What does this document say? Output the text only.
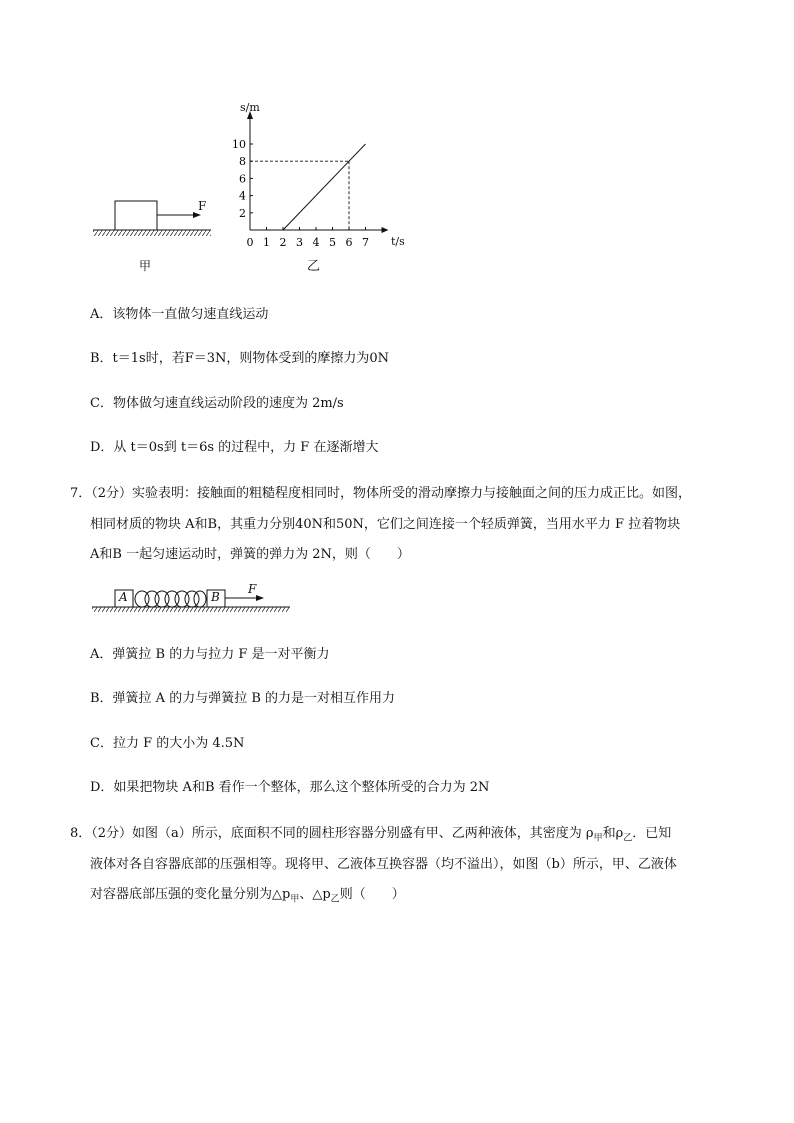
F
甲
0 1 2 3 4 5 6 7
2
4
6
8
10
s/m
t/s
乙
A．该物体一直做匀速直线运动
B．t＝1s时，若F＝3N，则物体受到的摩擦力为0N
C．物体做匀速直线运动阶段的速度为 2m/s
D．从 t＝0s到 t＝6s 的过程中，力 F 在逐渐增大
7．（2分）实验表明：接触面的粗糙程度相同时，物体所受的滑动摩擦力与接触面之间的压力成正比。如图，
相同材质的物块 A和B，其重力分别40N和50N，它们之间连接一个轻质弹簧，当用水平力 F 拉着物块
A和B 一起匀速运动时，弹簧的弹力为 2N，则（　　）
A	B
F
A．弹簧拉 B 的力与拉力 F 是一对平衡力
B．弹簧拉 A 的力与弹簧拉 B 的力是一对相互作用力
C．拉力 F 的大小为 4.5N
D．如果把物块 A和B 看作一个整体，那么这个整体所受的合力为 2N
8．（2分）如图（a）所示，底面积不同的圆柱形容器分别盛有甲、乙两种液体，其密度为 $\rho_甲$和$\rho_乙$．已知
液体对各自容器底部的压强相等。现将甲、乙液体互换容器（均不溢出），如图（b）所示，甲、乙液体
对容器底部压强的变化量分别为$\triangle p_甲$、$\triangle p_乙$则（　　）
